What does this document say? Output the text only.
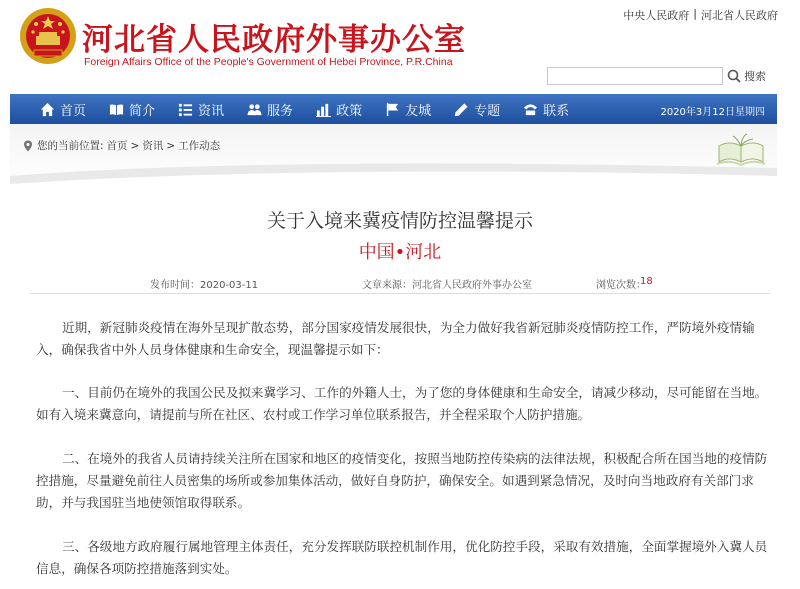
河北省人民政府外事办公室
Foreign Affairs Office of the People's Government of Hebei Province, P.R.China
中央人民政府 | 河北省人民政府
搜索
首页	简介	资讯	服务	政策	友城	专题	联系	2020年3月12日星期四
您的当前位置: 首页 > 资讯 > 工作动态
关于入境来冀疫情防控温馨提示
中国•河北
发布时间：2020-03-11	文章来源：河北省人民政府外事办公室	浏览次数：
18

近期，新冠肺炎疫情在海外呈现扩散态势，部分国家疫情发展很快，为全力做好我省新冠肺炎疫情防控工作，严防境外疫情输入，确保我省中外人员身体健康和生命安全，现温馨提示如下：

一、目前仍在境外的我国公民及拟来冀学习、工作的外籍人士，为了您的身体健康和生命安全，请减少移动，尽可能留在当地。如有入境来冀意向，请提前与所在社区、农村或工作学习单位联系报告，并全程采取个人防护措施。

二、在境外的我省人员请持续关注所在国家和地区的疫情变化，按照当地防控传染病的法律法规，积极配合所在国当地的疫情防控措施，尽量避免前往人员密集的场所或参加集体活动，做好自身防护，确保安全。如遇到紧急情况，及时向当地政府有关部门求助，并与我国驻当地使领馆取得联系。

三、各级地方政府履行属地管理主体责任，充分发挥联防联控机制作用，优化防控手段，采取有效措施，全面掌握境外入冀人员信息，确保各项防控措施落到实处。
